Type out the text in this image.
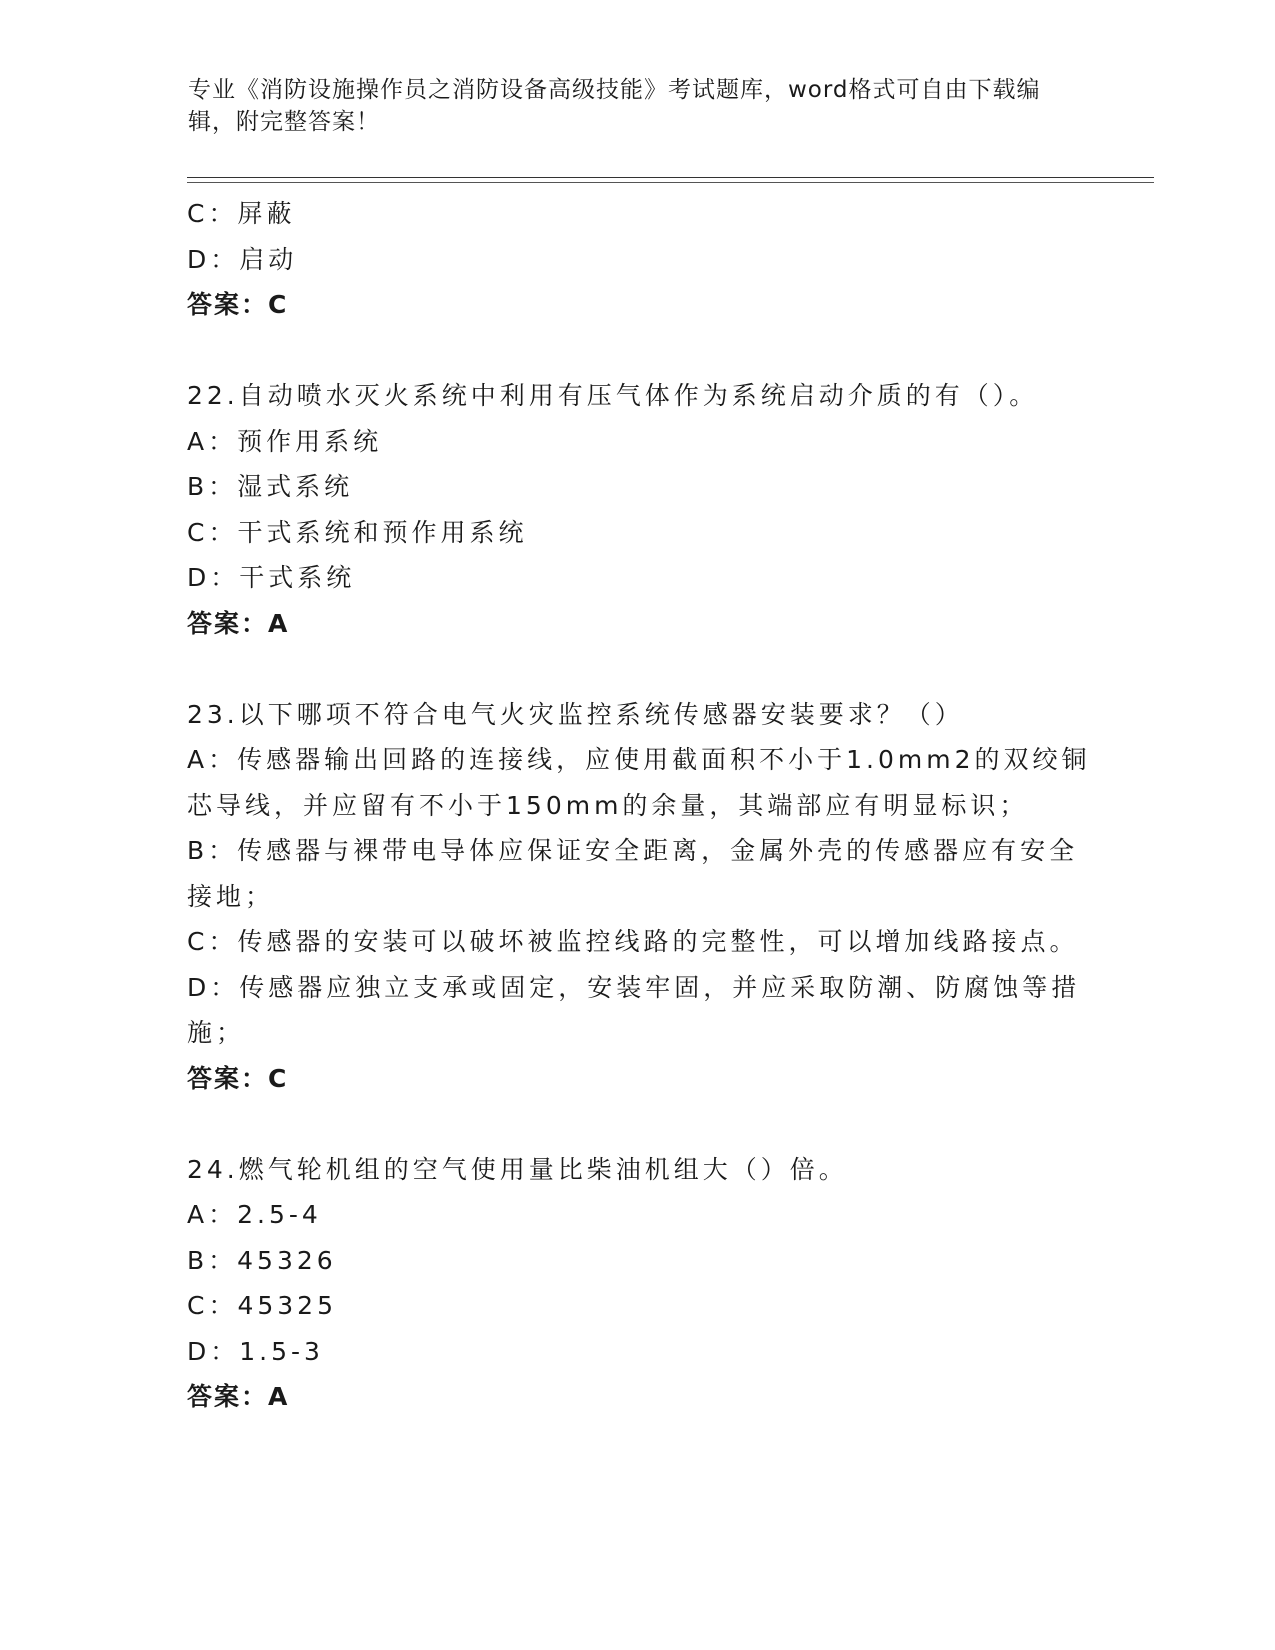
专业《消防设施操作员之消防设备高级技能》考试题库，word格式可自由下载编辑，附完整答案！

C：屏蔽

D：启动

答案：C

22.自动喷水灭火系统中利用有压气体作为系统启动介质的有（）。

A：预作用系统

B：湿式系统

C：干式系统和预作用系统

D：干式系统

答案：A

23.以下哪项不符合电气火灾监控系统传感器安装要求？（）

A：传感器输出回路的连接线，应使用截面积不小于1.0mm2的双绞铜

芯导线，并应留有不小于150mm的余量，其端部应有明显标识；

B：传感器与裸带电导体应保证安全距离，金属外壳的传感器应有安全

接地；

C：传感器的安装可以破坏被监控线路的完整性，可以增加线路接点。

D：传感器应独立支承或固定，安装牢固，并应采取防潮、防腐蚀等措

施；

答案：C

24.燃气轮机组的空气使用量比柴油机组大（）倍。

A：2.5-4

B：45326

C：45325

D：1.5-3

答案：A
